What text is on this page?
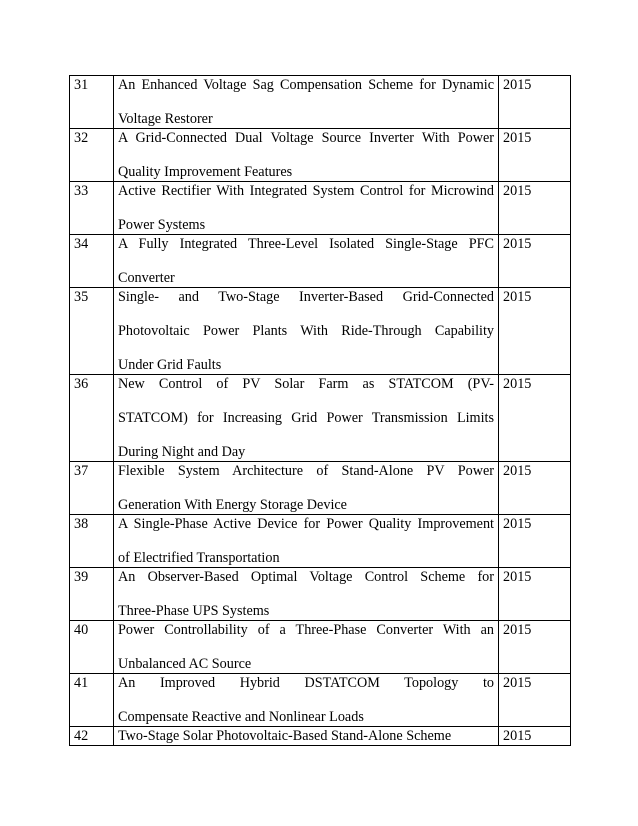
31	An Enhanced Voltage Sag Compensation Scheme for Dynamic
Voltage Restorer	2015
32	A Grid-Connected Dual Voltage Source Inverter With Power
Quality Improvement Features	2015
33	Active Rectifier With Integrated System Control for Microwind
Power Systems	2015
34	A Fully Integrated Three-Level Isolated Single-Stage PFC
Converter	2015
35	Single- and Two-Stage Inverter-Based Grid-Connected
Photovoltaic Power Plants With Ride-Through Capability
Under Grid Faults	2015
36	New Control of PV Solar Farm as STATCOM (PV-
STATCOM) for Increasing Grid Power Transmission Limits
During Night and Day	2015
37	Flexible System Architecture of Stand-Alone PV Power
Generation With Energy Storage Device	2015
38	A Single-Phase Active Device for Power Quality Improvement
of Electrified Transportation	2015
39	An Observer-Based Optimal Voltage Control Scheme for
Three-Phase UPS Systems	2015
40	Power Controllability of a Three-Phase Converter With an
Unbalanced AC Source	2015
41	An Improved Hybrid DSTATCOM Topology to
Compensate Reactive and Nonlinear Loads	2015
42	Two-Stage Solar Photovoltaic-Based Stand-Alone Scheme	2015
